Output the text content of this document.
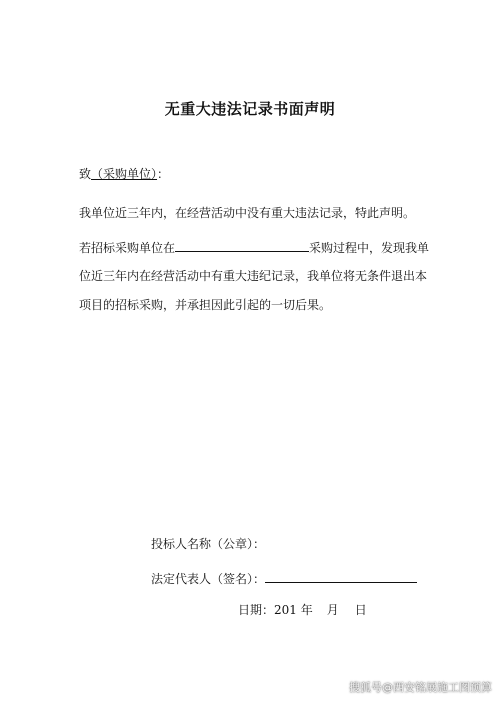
无重大违法记录书面声明
致（采购单位）：
我单位近三年内，在经营活动中没有重大违法记录，特此声明。
若招标采购单位在	采购过程中，发现我单
位近三年内在经营活动中有重大违纪记录，我单位将无条件退出本
项目的招标采购，并承担因此引起的一切后果。
投标人名称（公章）：
法定代表人（签名）：
日期：201 年 月 日
搜狐号@西安铭展施工图预算
